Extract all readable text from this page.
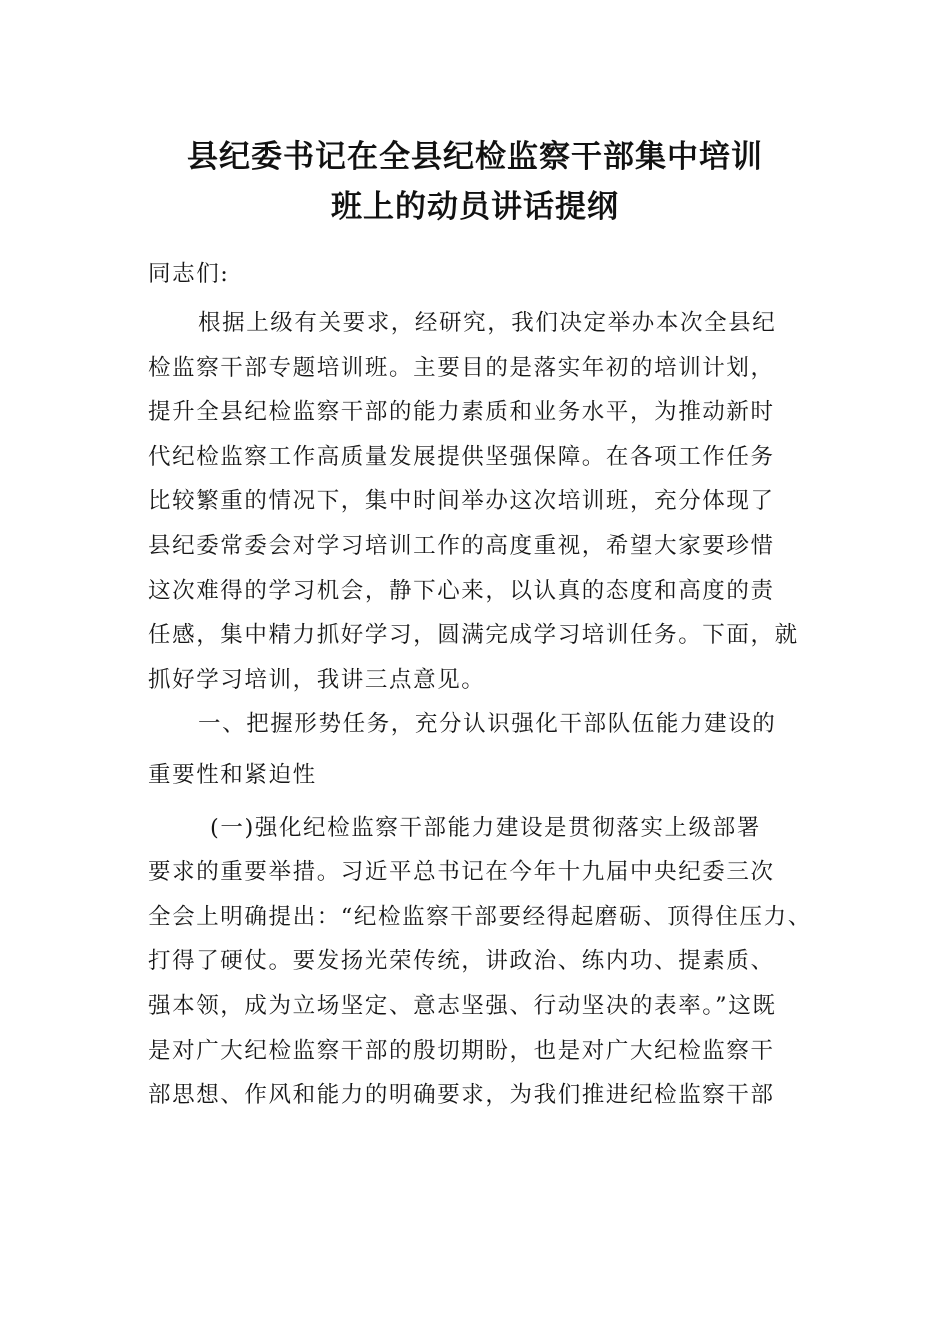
县纪委书记在全县纪检监察干部集中培训
班上的动员讲话提纲
同志们:
根据上级有关要求，经研究，我们决定举办本次全县纪
检监察干部专题培训班。主要目的是落实年初的培训计划，
提升全县纪检监察干部的能力素质和业务水平，为推动新时
代纪检监察工作高质量发展提供坚强保障。在各项工作任务
比较繁重的情况下，集中时间举办这次培训班，充分体现了
县纪委常委会对学习培训工作的高度重视，希望大家要珍惜
这次难得的学习机会，静下心来，以认真的态度和高度的责
任感，集中精力抓好学习，圆满完成学习培训任务。下面，就
抓好学习培训，我讲三点意见。
一、把握形势任务，充分认识强化干部队伍能力建设的
重要性和紧迫性
(一)强化纪检监察干部能力建设是贯彻落实上级部署
要求的重要举措。习近平总书记在今年十九届中央纪委三次
全会上明确提出：“纪检监察干部要经得起磨砺、顶得住压力、
打得了硬仗。要发扬光荣传统，讲政治、练内功、提素质、
强本领，成为立场坚定、意志坚强、行动坚决的表率。”这既
是对广大纪检监察干部的殷切期盼，也是对广大纪检监察干
部思想、作风和能力的明确要求，为我们推进纪检监察干部
